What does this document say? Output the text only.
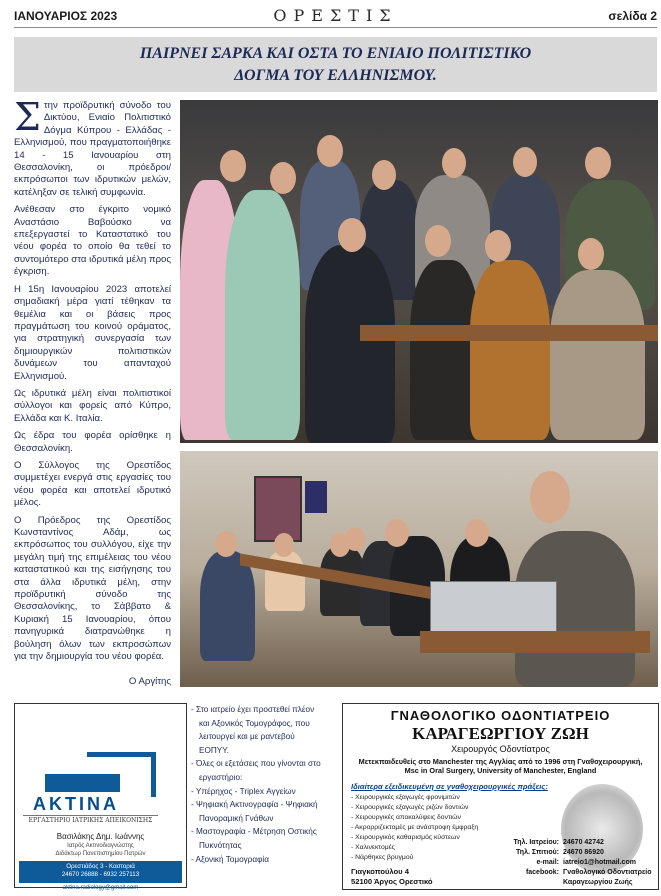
ΙΑΝΟΥΑΡΙΟΣ 2023	ΟΡΕΣΤΙΣ	σελίδα 2
ΠΑΙΡΝΕΙ ΣΑΡΚΑ ΚΑΙ ΟΣΤΑ ΤΟ ΕΝΙΑΙΟ ΠΟΛΙΤΙΣΤΙΚΟ
ΔΟΓΜΑ ΤΟΥ ΕΛΛΗΝΙΣΜΟΥ.

Στην προϊδρυτική σύνοδο του Δικτύου, Ενιαίο Πολιτιστικό Δόγμα Κύπρου - Ελλάδας - Ελληνισμού, που πραγματοποιήθηκε 14 - 15 Ιανουαρίου στη Θεσσαλονίκη, οι πρόεδροι/εκπρόσωποι των ιδρυτικών μελών, κατέληξαν σε τελική συμφωνία.

Ανέθεσαν στο έγκριτο νομικό Αναστάσιο Βαβούσκο να επεξεργαστεί το Καταστατικό του νέου φορέα το οποίο θα τεθεί το συντομότερο στα ιδρυτικά μέλη προς έγκριση.

Η 15η Ιανουαρίου 2023 αποτελεί σημαδιακή μέρα γιατί τέθηκαν τα θεμέλια και οι βάσεις προς πραγμάτωση του κοινού οράματος, για στρατηγική συνεργασία των δημιουργικών πολιτιστικών δυνάμεων του απανταχού Ελληνισμού.

Ως ιδρυτικά μέλη είναι πολιτιστικοί σύλλογοι και φορείς από Κύπρο, Ελλάδα και Κ. Ιταλία.

Ως έδρα του φορέα ορίσθηκε η Θεσσαλονίκη.

Ο Σύλλογος της Ορεστίδος συμμετέχει ενεργά στις εργασίες του νέου φορέα και αποτελεί ιδρυτικό μέλος.

Ο Πρόεδρος της Ορεστίδος Κωνσταντίνος Αδάμ, ως εκπρόσωπος του συλλόγου, είχε την μεγάλη τιμή της επιμέλειας του νέου καταστατικού και της εισήγησης του στα άλλα ιδρυτικά μέλη, στην προϊδρυτική σύνοδο της Θεσσαλονίκης, το Σάββατο & Κυριακή 15 Ιανουαρίου, όπου πανηγυρικά διατρανώθηκε η βούληση όλων των εκπροσώπων για την δημιουργία του νέου φορέα.

Ο Αργίτης
ΑΚΤΙΝΑ
ΕΡΓΑΣΤΗΡΙΟ ΙΑΤΡΙΚΗΣ ΑΠΕΙΚΟΝΙΣΗΣ
Βασιλάκης Δημ. Ιωάννης
Ιατρός Ακτινοδιαγνώστης
Διδάκτωρ Πανεπιστημίου Πατρών
Ορεστιάδος 3 - Καστοριά
24670 26888 - 6932 257113
aktina.radiology@gmail.com
- Στο ιατρείο έχει προστεθεί πλέον
και Αξονικός Τομογράφος, που
λειτουργεί και με ραντεβού
ΕΟΠΥΥ.
- Όλες οι εξετάσεις που γίνονται στο
εργαστήριο:
- Υπέρηχος - Triplex Αγγείων
- Ψηφιακή Ακτινογραφία - Ψηφιακή
Πανοραμική Γνάθων
- Μαστογραφία - Μέτρηση Οστικής
Πυκνότητας
- Αξονική Τομογραφία
ΓΝΑΘΟΛΟΓΙΚΟ ΟΔΟΝΤΙΑΤΡΕΙΟ
ΚΑΡΑΓΕΩΡΓΙΟΥ ΖΩΗ
Χειρουργός Οδοντίατρος
Μετεκπαιδευθείς στο Manchester της Αγγλίας από το 1996 στη Γναθοχειρουργική,
Msc in Oral Surgery, University of Manchester, England
Ιδιαίτερα εξειδικευμένη σε γναθοχειρουργικές πράξεις:
- Χειρουργικές εξαγωγές φρονιμιτών
- Χειρουργικές εξαγωγές ριζών δοντιών
- Χειρουργικές αποκαλύψεις δοντιών
- Ακρορριζεκτομές με ανάστροφη έμφραξη
- Χειρουργικός καθαρισμός κύστεων
- Χαλινεκτομές
- Νάρθηκες βρυγμού
Τηλ. Ιατρείου:
Τηλ. Σπιτιού:
e-mail:
facebook:
24670 42742
24670 86920
iatreio1@hotmail.com
Γναθολογικό Οδοντιατρείο
Καραγεωργίου Ζωής
Γιαγκοπούλου 4
52100 Άργος Ορεστικό
